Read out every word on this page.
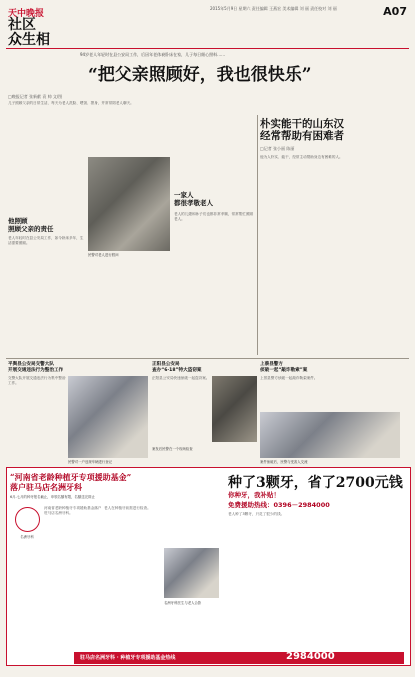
天中晚报
社区
众生相
2015年5月9日 星期六 责任编辑 王燕宏 美术编辑 刘 丽 责任校对 刘 丽	A07
94岁老人年轻时在县公安局工作，后因年老体衰卧床在家，儿子每日细心照料……
“把父亲照顾好，我也很快乐”
□晚报记者 张新献 袁 帅 文/图
儿子照顾父亲的日常生活，每天为老人洗脸、喂饭、擦身，并常常陪老人聊天。
他照顾
照顾父亲的责任
老人年轻时在县公安局工作，如今卧床多年，生活需要照顾。
民警对老人进行慰问
一家人
都很孝敬老人
老人的儿媳和孙子们也都非常孝顺，常常帮忙照顾老人。
朴实能干的山东汉
经常帮助有困难者
□记者 张小丽 陈丽
他为人朴实、能干，经常主动帮助身边有困难的人。
平舆县公安局交警大队
开展交通违法行为整治工作
交警大队开展交通违法行为集中整治工作。
民警对一户违规车辆进行登记
正阳县公安局
查办“6·18”特大盗窃案
正阳县公安局快速侦破一起盗窃案。
案发后民警在一个现场检查
上蔡县警方
侦破一起“敲诈勒索”案
上蔡县警方侦破一起敲诈勒索案件。
案件侦破后，民警与受害人交流
“河南省老龄种植牙专项援助基金”
落户驻马店名洲牙科
6月-七月的种牙报名截止，申领名额有限，名额送完即止
名洲牙科
河南省老龄种植牙专项援助基金落户驻马店名洲牙科。
老人在种植牙前需进行检查。
名洲牙科医生与老人合影
种了3颗牙，省了2700元钱
你种牙，我补贴！
免费援助热线：0396－2984000
老人种了3颗牙，只花了很少的钱。
驻马店名洲牙科 · 种植牙专项援助基金热线	2984000
